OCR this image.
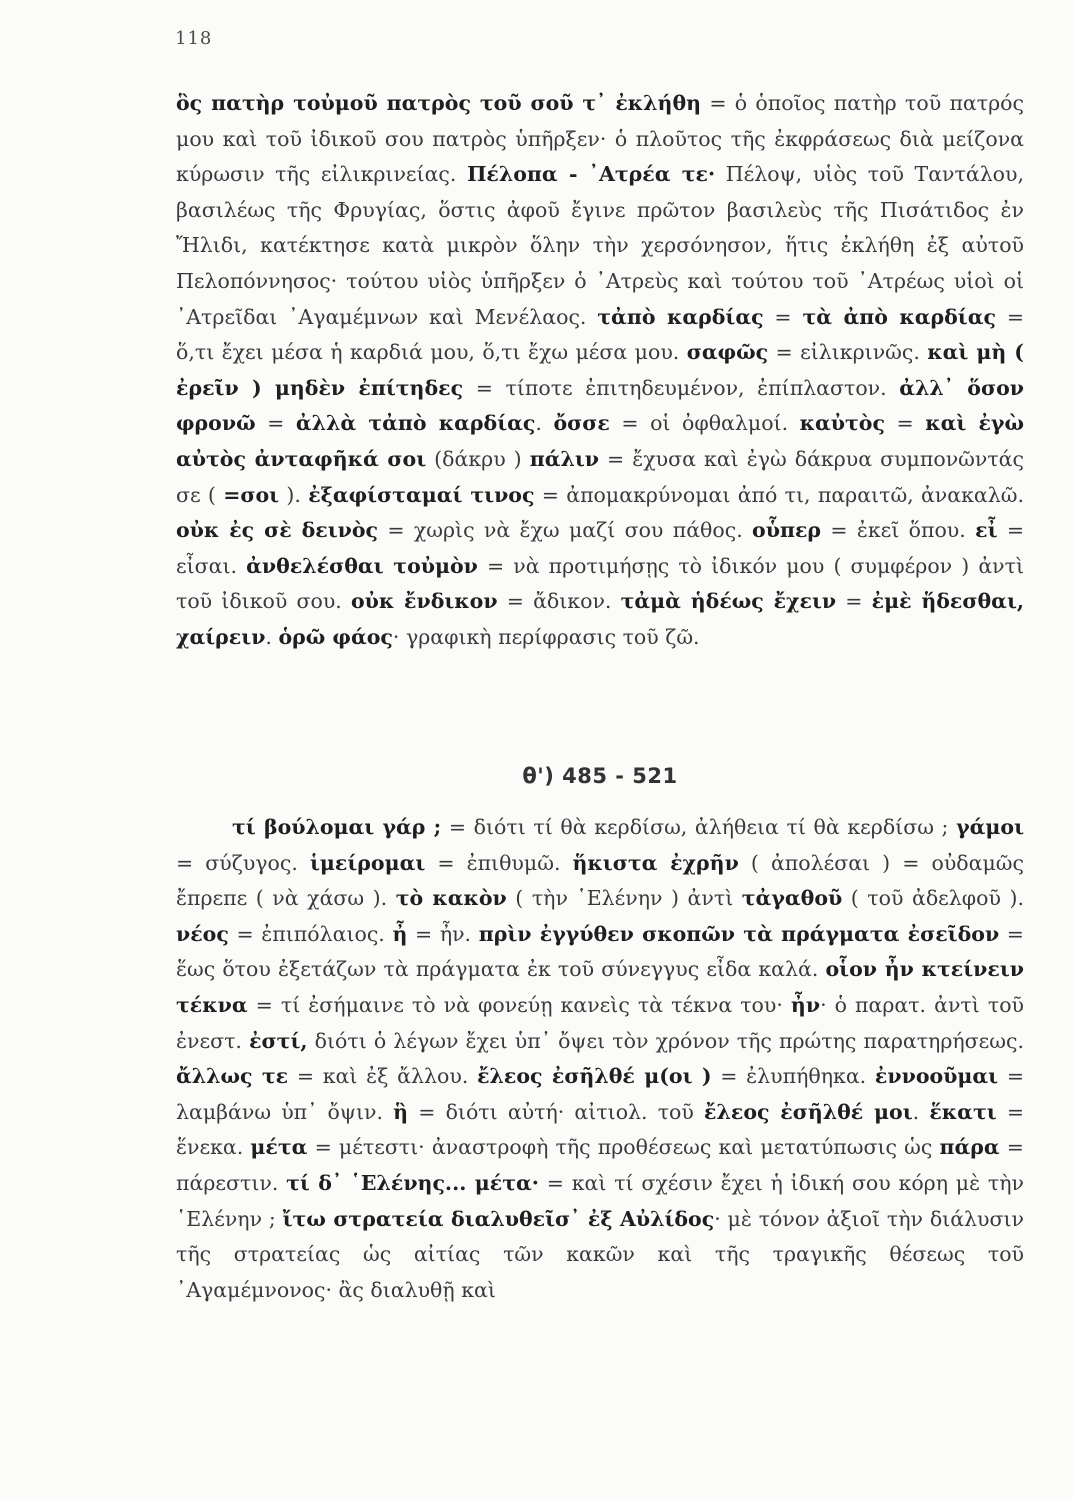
118

ὃς πατὴρ τοὐμοῦ πατρὸς τοῦ σοῦ τ᾽ ἐκλήθη = ὁ ὁποῖος πατὴρ τοῦ πατρός μου καὶ τοῦ ἰδικοῦ σου πατρὸς ὑπῆρξεν· ὁ πλοῦτος τῆς ἐκφράσεως διὰ μείζονα κύρωσιν τῆς εἰλικρινείας. Πέλοπα - ᾽Ατρέα τε· Πέλοψ, υἱὸς τοῦ Ταντάλου, βασιλέως τῆς Φρυγίας, ὅστις ἀφοῦ ἔγινε πρῶτον βασιλεὺς τῆς Πισάτιδος ἐν Ἤλιδι, κατέκτησε κατὰ μικρὸν ὅλην τὴν χερσόνησον, ἥτις ἐκλήθη ἐξ αὐτοῦ Πελοπόννησος· τούτου υἱὸς ὑπῆρξεν ὁ ᾽Ατρεὺς καὶ τούτου τοῦ ᾽Ατρέως υἱοὶ οἱ ᾽Ατρεῖδαι ᾽Αγαμέμνων καὶ Μενέλαος. τἀπὸ καρδίας = τὰ ἀπὸ καρδίας = ὅ,τι ἔχει μέσα ἡ καρδιά μου, ὅ,τι ἔχω μέσα μου. σαφῶς = εἰλικρινῶς. καὶ μὴ ( ἐρεῖν ) μηδὲν ἐπίτηδες = τίποτε ἐπιτηδευμένον, ἐπίπλαστον. ἀλλ᾽ ὅσον φρονῶ = ἀλλὰ τἀπὸ καρδίας. ὄσσε = οἱ ὀφθαλμοί. καὐτὸς = καὶ ἐγὼ αὐτὸς ἀνταφῆκά σοι (δάκρυ ) πάλιν = ἔχυσα καὶ ἐγὼ δάκρυα συμπονῶντάς σε ( =σοι ). ἐξαφίσταμαί τινος = ἀπομακρύνομαι ἀπό τι, παραιτῶ, ἀνακαλῶ. οὐκ ἐς σὲ δεινὸς = χωρὶς νὰ ἔχω μαζί σου πάθος. οὗπερ = ἐκεῖ ὅπου. εἶ = εἶσαι. ἀνθελέσθαι τοὐμὸν = νὰ προτιμήσῃς τὸ ἰδικόν μου ( συμφέρον ) ἀντὶ τοῦ ἰδικοῦ σου. οὐκ ἔνδικον = ἄδικον. τἀμὰ ἡδέως ἔχειν = ἐμὲ ἥδεσθαι, χαίρειν. ὁρῶ φάος· γραφικὴ περίφρασις τοῦ ζῶ.

θ') 485 - 521

τί βούλομαι γάρ ; = διότι τί θὰ κερδίσω, ἀλήθεια τί θὰ κερδίσω ; γάμοι = σύζυγος. ἱμείρομαι = ἐπιθυμῶ. ἥκιστα ἐχρῆν ( ἀπολέσαι ) = οὐδαμῶς ἔπρεπε ( νὰ χάσω ). τὸ κακὸν ( τὴν ῾Ελένην ) ἀντὶ τἀγαθοῦ ( τοῦ ἀδελφοῦ ). νέος = ἐπιπόλαιος. ἦ = ἦν. πρὶν ἐγγύθεν σκοπῶν τὰ πράγματα ἐσεῖδον = ἕως ὅτου ἐξετάζων τὰ πράγματα ἐκ τοῦ σύνεγγυς εἶδα καλά. οἷον ἦν κτείνειν τέκνα = τί ἐσήμαινε τὸ νὰ φονεύῃ κανεὶς τὰ τέκνα του· ἦν· ὁ παρατ. ἀντὶ τοῦ ἐνεστ. ἐστί, διότι ὁ λέγων ἔχει ὑπ᾽ ὄψει τὸν χρόνον τῆς πρώτης παρατηρήσεως. ἄλλως τε = καὶ ἐξ ἄλλου. ἔλεος ἐσῆλθέ μ(οι ) = ἐλυπήθηκα. ἐννοοῦμαι = λαμβάνω ὑπ᾽ ὄψιν. ἣ = διότι αὐτή· αἰτιολ. τοῦ ἔλεος ἐσῆλθέ μοι. ἕκατι = ἕνεκα. μέτα = μέτεστι· ἀναστροφὴ τῆς προθέσεως καὶ μετατύπωσις ὡς πάρα = πάρεστιν. τί δ᾽ ῾Ελένης... μέτα· = καὶ τί σχέσιν ἔχει ἡ ἰδική σου κόρη μὲ τὴν ῾Ελένην ; ἴτω στρατεία διαλυθεῖσ᾽ ἐξ Αὐλίδος· μὲ τόνον ἀξιοῖ τὴν διάλυσιν τῆς στρατείας ὡς αἰτίας τῶν κακῶν καὶ τῆς τραγικῆς θέσεως τοῦ ᾽Αγαμέμνονος· ἂς διαλυθῇ καὶ
